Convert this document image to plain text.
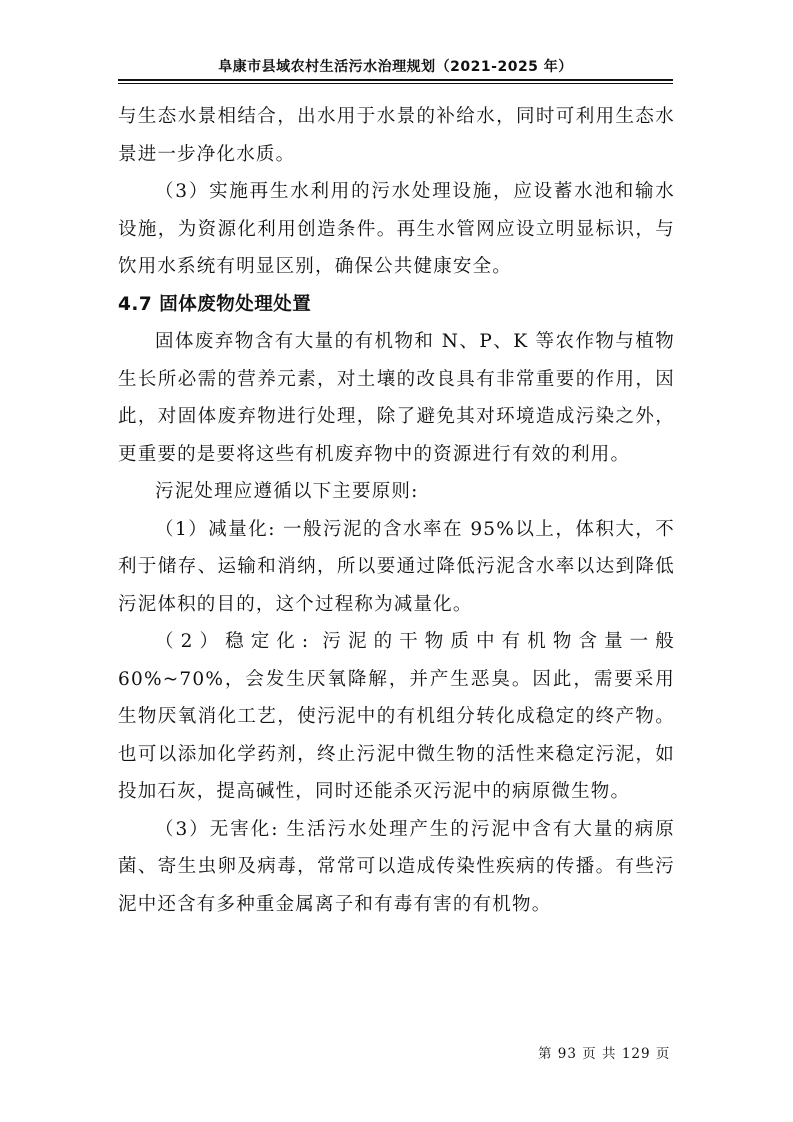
阜康市县域农村生活污水治理规划（2021-2025 年）

与生态水景相结合，出水用于水景的补给水，同时可利用生态水景进一步净化水质。

（3）实施再生水利用的污水处理设施，应设蓄水池和输水设施，为资源化利用创造条件。再生水管网应设立明显标识，与饮用水系统有明显区别，确保公共健康安全。

4.7 固体废物处理处置

固体废弃物含有大量的有机物和 N、P、K 等农作物与植物生长所必需的营养元素，对土壤的改良具有非常重要的作用，因此，对固体废弃物进行处理，除了避免其对环境造成污染之外，更重要的是要将这些有机废弃物中的资源进行有效的利用。

污泥处理应遵循以下主要原则:

（1）减量化: 一般污泥的含水率在 95%以上，体积大，不利于储存、运输和消纳，所以要通过降低污泥含水率以达到降低污泥体积的目的，这个过程称为减量化。

（2）稳定化: 污泥的干物质中有机物含量一般 60%~70%，会发生厌氧降解，并产生恶臭。因此，需要采用生物厌氧消化工艺，使污泥中的有机组分转化成稳定的终产物。也可以添加化学药剂，终止污泥中微生物的活性来稳定污泥，如投加石灰，提高碱性，同时还能杀灭污泥中的病原微生物。

（3）无害化: 生活污水处理产生的污泥中含有大量的病原菌、寄生虫卵及病毒，常常可以造成传染性疾病的传播。有些污泥中还含有多种重金属离子和有毒有害的有机物。

第 93 页 共 129 页
